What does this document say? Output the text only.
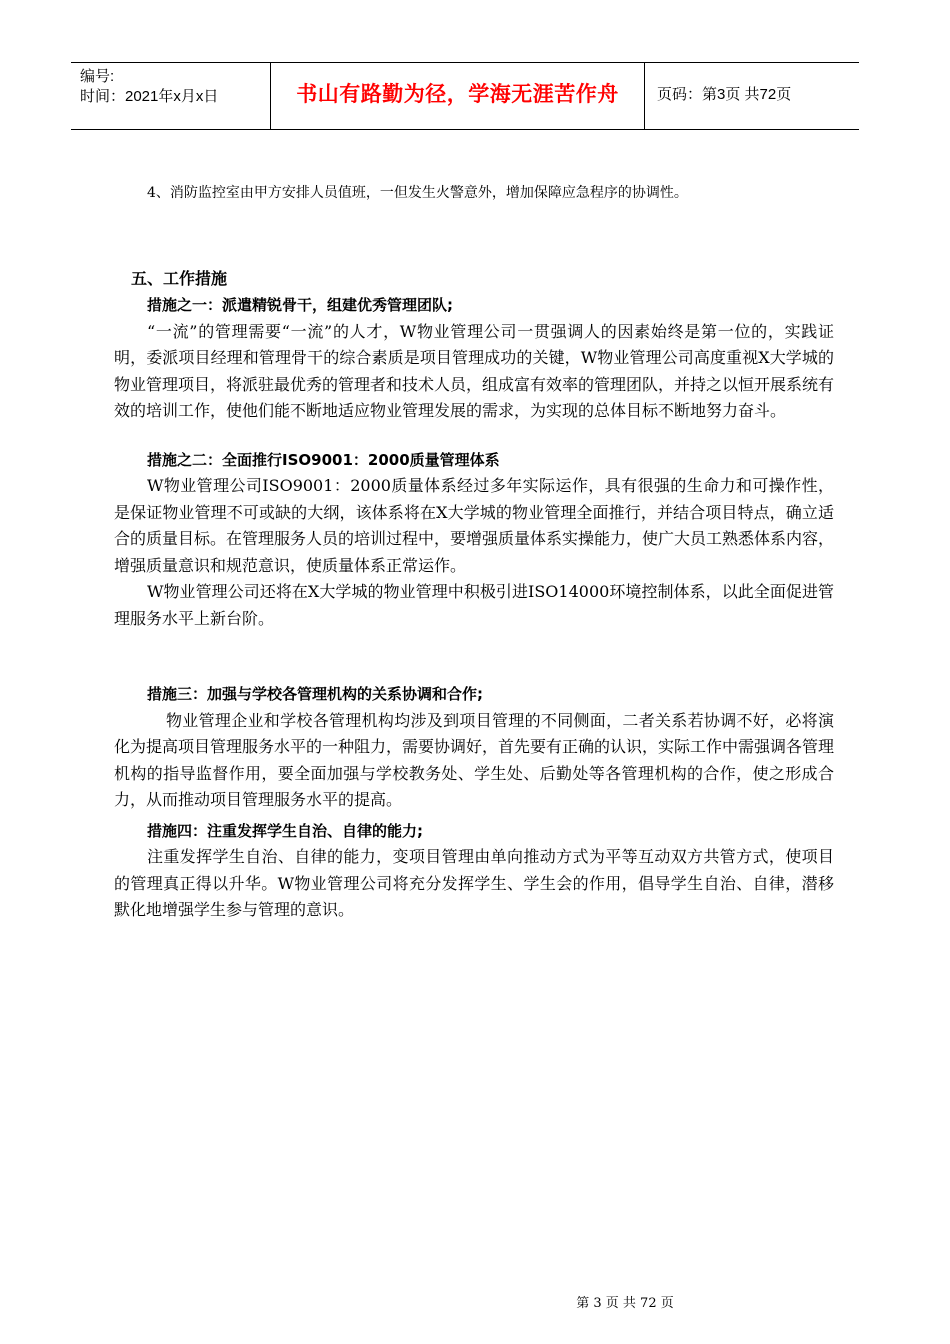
编号:
时间：2021年x月x日	书山有路勤为径，学海无涯苦作舟	页码：第3页 共72页

4、消防监控室由甲方安排人员值班，一但发生火警意外，增加保障应急程序的协调性。

五、工作措施

措施之一：派遣精锐骨干，组建优秀管理团队;

“一流”的管理需要“一流”的人才，W物业管理公司一贯强调人的因素始终是第一位的，实践证明，委派项目经理和管理骨干的综合素质是项目管理成功的关键，W物业管理公司高度重视X大学城的物业管理项目，将派驻最优秀的管理者和技术人员，组成富有效率的管理团队，并持之以恒开展系统有效的培训工作，使他们能不断地适应物业管理发展的需求，为实现的总体目标不断地努力奋斗。

措施之二：全面推行ISO9001：2000质量管理体系

W物业管理公司ISO9001：2000质量体系经过多年实际运作，具有很强的生命力和可操作性，是保证物业管理不可或缺的大纲，该体系将在X大学城的物业管理全面推行，并结合项目特点，确立适合的质量目标。在管理服务人员的培训过程中，要增强质量体系实操能力，使广大员工熟悉体系内容，增强质量意识和规范意识，使质量体系正常运作。

W物业管理公司还将在X大学城的物业管理中积极引进ISO14000环境控制体系，以此全面促进管理服务水平上新台阶。

措施三：加强与学校各管理机构的关系协调和合作;

物业管理企业和学校各管理机构均涉及到项目管理的不同侧面，二者关系若协调不好，必将演化为提高项目管理服务水平的一种阻力，需要协调好，首先要有正确的认识，实际工作中需强调各管理机构的指导监督作用，要全面加强与学校教务处、学生处、后勤处等各管理机构的合作，使之形成合力，从而推动项目管理服务水平的提高。

措施四：注重发挥学生自治、自律的能力;

注重发挥学生自治、自律的能力，变项目管理由单向推动方式为平等互动双方共管方式，使项目的管理真正得以升华。W物业管理公司将充分发挥学生、学生会的作用，倡导学生自治、自律，潜移默化地增强学生参与管理的意识。

第 3 页 共 72 页
